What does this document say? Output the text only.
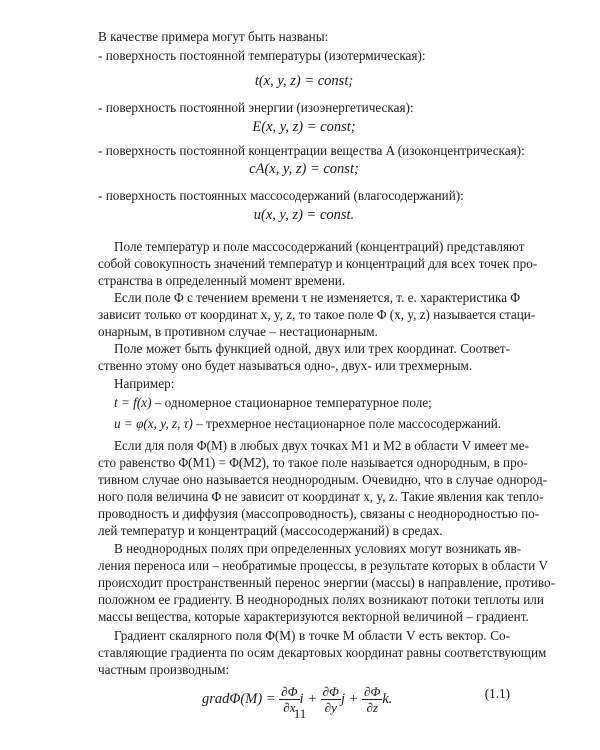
В качестве примера могут быть названы:
- поверхность постоянной температуры (изотермическая):
t(x, y, z) = const;
- поверхность постоянной энергии (изоэнергетическая):
E(x, y, z) = const;
- поверхность постоянной концентрации вещества A (изоконцентрическая):
cA(x, y, z) = const;
- поверхность постоянных массосодержаний (влагосодержаний):
u(x, y, z) = const.
Поле температур и поле массосодержаний (концентраций) представляют
собой совокупность значений температур и концентраций для всех точек про-
странства в определенный момент времени.
Если поле Φ с течением времени τ не изменяется, т. е. характеристика Φ
зависит только от координат x, y, z, то такое поле Φ (x, y, z) называется стаци-
онарным, в противном случае – нестационарным.
Поле может быть функцией одной, двух или трех координат. Соответ-
ственно этому оно будет называться одно-, двух- или трехмерным.
Например:
t = f(x) – одномерное стационарное температурное поле;
u = φ(x, y, z, τ) – трехмерное нестационарное поле массосодержаний.
Если для поля Φ(M) в любых двух точках M1 и M2 в области V имеет ме-
сто равенство Φ(M1) = Φ(M2), то такое поле называется однородным, в про-
тивном случае оно называется неоднородным. Очевидно, что в случае однород-
ного поля величина Φ не зависит от координат x, y, z. Такие явления как тепло-
проводность и диффузия (массопроводность), связаны с неоднородностью по-
лей температур и концентраций (массосодержаний) в средах.
В неоднородных полях при определенных условиях могут возникать яв-
ления переноса или – необратимые процессы, в результате которых в области V
происходит пространственный перенос энергии (массы) в направление, противо-
положном ее градиенту. В неоднородных полях возникают потоки теплоты или
массы вещества, которые характеризуются векторной величиной – градиент.
Градиент скалярного поля Φ(M) в точке M области V есть вектор. Со-
ставляющие градиента по осям декартовых координат равны соответствующим
частным производным:
gradΦ(M) = $\frac{\partial\Phi}{\partial x}$ $i + \frac{\partial\Phi}{\partial y}$ $j + \frac{\partial\Phi}{\partial z} k$.	(1.1)
11
